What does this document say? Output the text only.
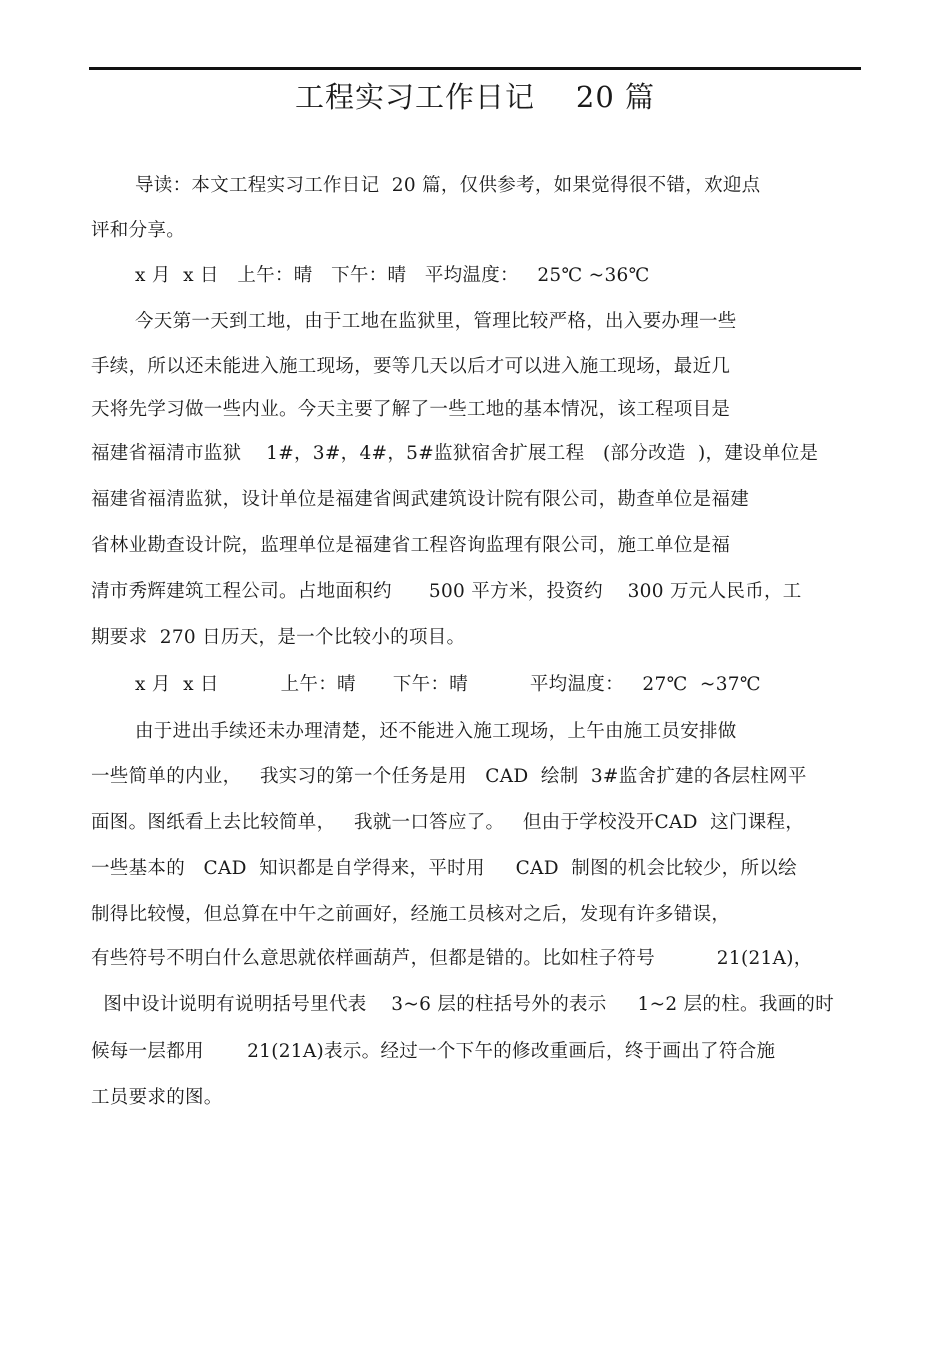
工程实习工作日记    20 篇
导读：本文工程实习工作日记  20 篇，仅供参考，如果觉得很不错，欢迎点
评和分享。
x 月  x 日   上午：晴   下午：晴   平均温度：   25℃ ~36℃
今天第一天到工地，由于工地在监狱里，管理比较严格，出入要办理一些
手续，所以还未能进入施工现场，要等几天以后才可以进入施工现场，最近几
天将先学习做一些内业。今天主要了解了一些工地的基本情况，该工程项目是
福建省福清市监狱    1#，3#，4#，5#监狱宿舍扩展工程   (部分改造  )，建设单位是
福建省福清监狱，设计单位是福建省闽武建筑设计院有限公司，勘查单位是福建
省林业勘查设计院，监理单位是福建省工程咨询监理有限公司，施工单位是福
清市秀辉建筑工程公司。占地面积约      500 平方米，投资约    300 万元人民币，工
期要求  270 日历天，是一个比较小的项目。
x 月  x 日          上午：晴      下午：晴          平均温度：   27℃  ~37℃
由于进出手续还未办理清楚，还不能进入施工现场，上午由施工员安排做
一些简单的内业，   我实习的第一个任务是用   CAD  绘制  3#监舍扩建的各层柱网平
面图。图纸看上去比较简单，   我就一口答应了。   但由于学校没开CAD  这门课程，
一些基本的   CAD  知识都是自学得来，平时用     CAD  制图的机会比较少，所以绘
制得比较慢，但总算在中午之前画好，经施工员核对之后，发现有许多错误，
有些符号不明白什么意思就依样画葫芦，但都是错的。比如柱子符号          21(21A)，
图中设计说明有说明括号里代表    3~6 层的柱括号外的表示     1~2 层的柱。我画的时
候每一层都用       21(21A)表示。经过一个下午的修改重画后，终于画出了符合施
工员要求的图。
